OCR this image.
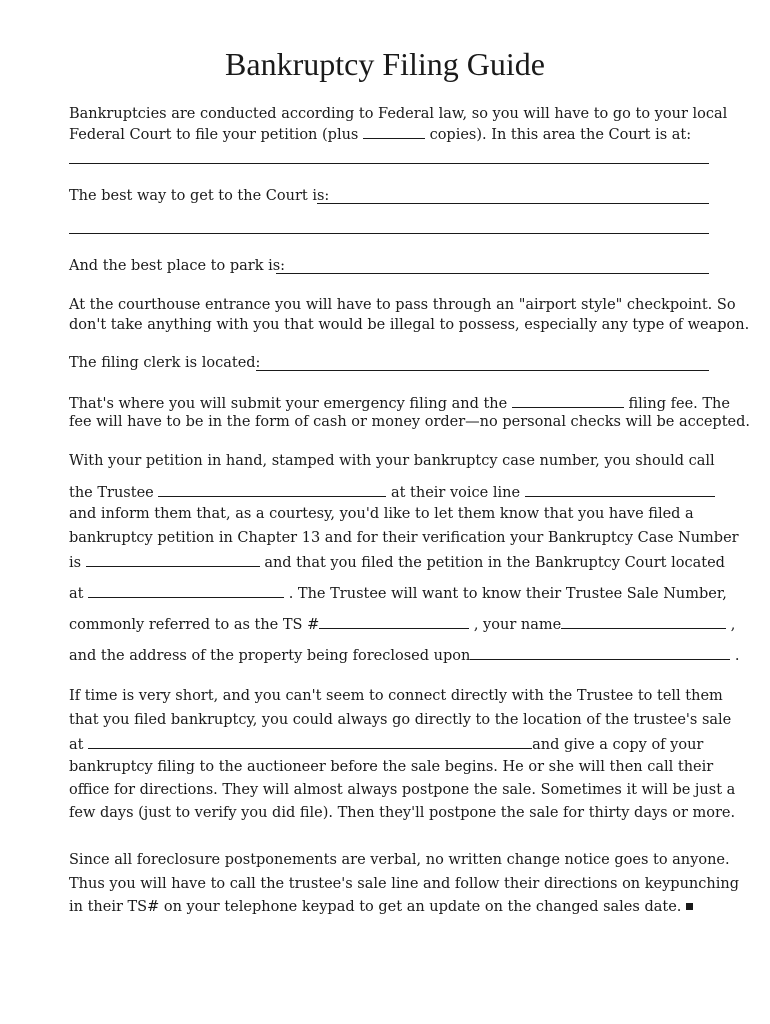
Bankruptcy Filing Guide
Bankruptcies are conducted according to Federal law, so you will have to go to your local
Federal Court to file your petition (plus	copies). In this area the Court is at:
The best way to get to the Court is:
And the best place to park is:
At the courthouse entrance you will have to pass through an "airport style" checkpoint. So
don't take anything with you that would be illegal to possess, especially any type of weapon.
The filing clerk is located:
That's where you will submit your emergency filing and the	filing fee. The
fee will have to be in the form of cash or money order—no personal checks will be accepted.
With your petition in hand, stamped with your bankruptcy case number, you should call
the Trustee	at their voice line
and inform them that, as a courtesy, you'd like to let them know that you have filed a
bankruptcy petition in Chapter 13 and for their verification your Bankruptcy Case Number
is	and that you filed the petition in the Bankruptcy Court located
at	. The Trustee will want to know their Trustee Sale Number,
commonly referred to as the TS #	, your name	,
and the address of the property being foreclosed upon	.
If time is very short, and you can't seem to connect directly with the Trustee to tell them
that you filed bankruptcy, you could always go directly to the location of the trustee's sale
at	and give a copy of your
bankruptcy filing to the auctioneer before the sale begins. He or she will then call their
office for directions. They will almost always postpone the sale. Sometimes it will be just a
few days (just to verify you did file). Then they'll postpone the sale for thirty days or more.
Since all foreclosure postponements are verbal, no written change notice goes to anyone.
Thus you will have to call the trustee's sale line and follow their directions on keypunching
in their TS# on your telephone keypad to get an update on the changed sales date.
